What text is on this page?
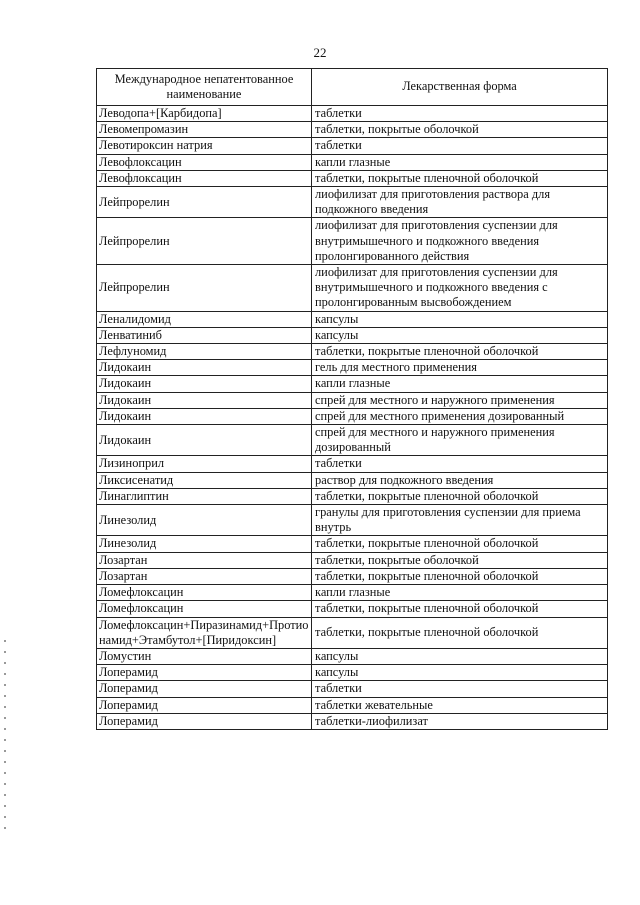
22
Международное непатентованное наименование	Лекарственная форма
Леводопа+[Карбидопа]	таблетки
Левомепромазин	таблетки, покрытые оболочкой
Левотироксин натрия	таблетки
Левофлоксацин	капли глазные
Левофлоксацин	таблетки, покрытые пленочной оболочкой
Лейпрорелин	лиофилизат для приготовления раствора для подкожного введения
Лейпрорелин	лиофилизат для приготовления суспензии для внутримышечного и подкожного введения пролонгированного действия
Лейпрорелин	лиофилизат для приготовления суспензии для внутримышечного и подкожного введения с пролонгированным высвобождением
Леналидомид	капсулы
Ленватиниб	капсулы
Лефлуномид	таблетки, покрытые пленочной оболочкой
Лидокаин	гель для местного применения
Лидокаин	капли глазные
Лидокаин	спрей для местного и наружного применения
Лидокаин	спрей для местного применения дозированный
Лидокаин	спрей для местного и наружного применения дозированный
Лизиноприл	таблетки
Ликсисенатид	раствор для подкожного введения
Линаглиптин	таблетки, покрытые пленочной оболочкой
Линезолид	гранулы для приготовления суспензии для приема внутрь
Линезолид	таблетки, покрытые пленочной оболочкой
Лозартан	таблетки, покрытые оболочкой
Лозартан	таблетки, покрытые пленочной оболочкой
Ломефлоксацин	капли глазные
Ломефлоксацин	таблетки, покрытые пленочной оболочкой
Ломефлоксацин+Пиразинамид+Протионамид+Этамбутол+[Пиридоксин]	таблетки, покрытые пленочной оболочкой
Ломустин	капсулы
Лоперамид	капсулы
Лоперамид	таблетки
Лоперамид	таблетки жевательные
Лоперамид	таблетки-лиофилизат
